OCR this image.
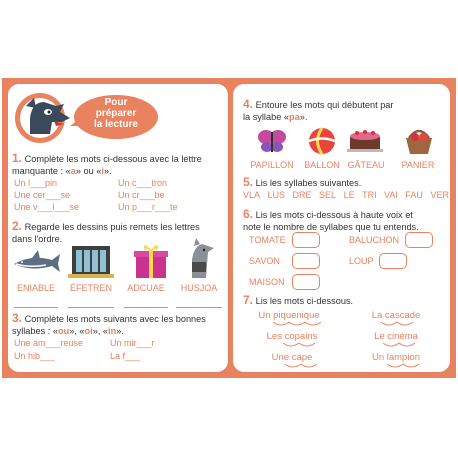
Pour
préparer
la lecture
1. Complète les mots ci-dessous avec la lettre
manquante : «a» ou «i».
Un l___pin	Un c___tron
Une cer___se	Un cr___be
Une v___l___se	Un p___r___te
2. Regarde les dessins puis remets les lettres
dans l'ordre.
ENIABLE	ÉFETREN	ADCUAE	HUSJOA
3. Complète les mots suivants avec les bonnes
syllabes : «ou», «oi», «in».
Une am___reuse	Un mir___r
Un hib___	La f___
4. Entoure les mots qui débutent par
la syllabe «pa».
PAPILLON	BALLON GÂTEAU	PANIER
5. Lis les syllabes suivantes.
VLA LUS DRE SEL LE TRI VAI FAU VER
6. Lis les mots ci-dessous à haute voix et
note le nombre de syllabes que tu entends.
TOMATE	BALUCHON
SAVON	LOUP
MAISON
7. Lis les mots ci-dessous.
Un piquenique	La cascade
Les copains	Le cinéma
Une cape	Un lampion
